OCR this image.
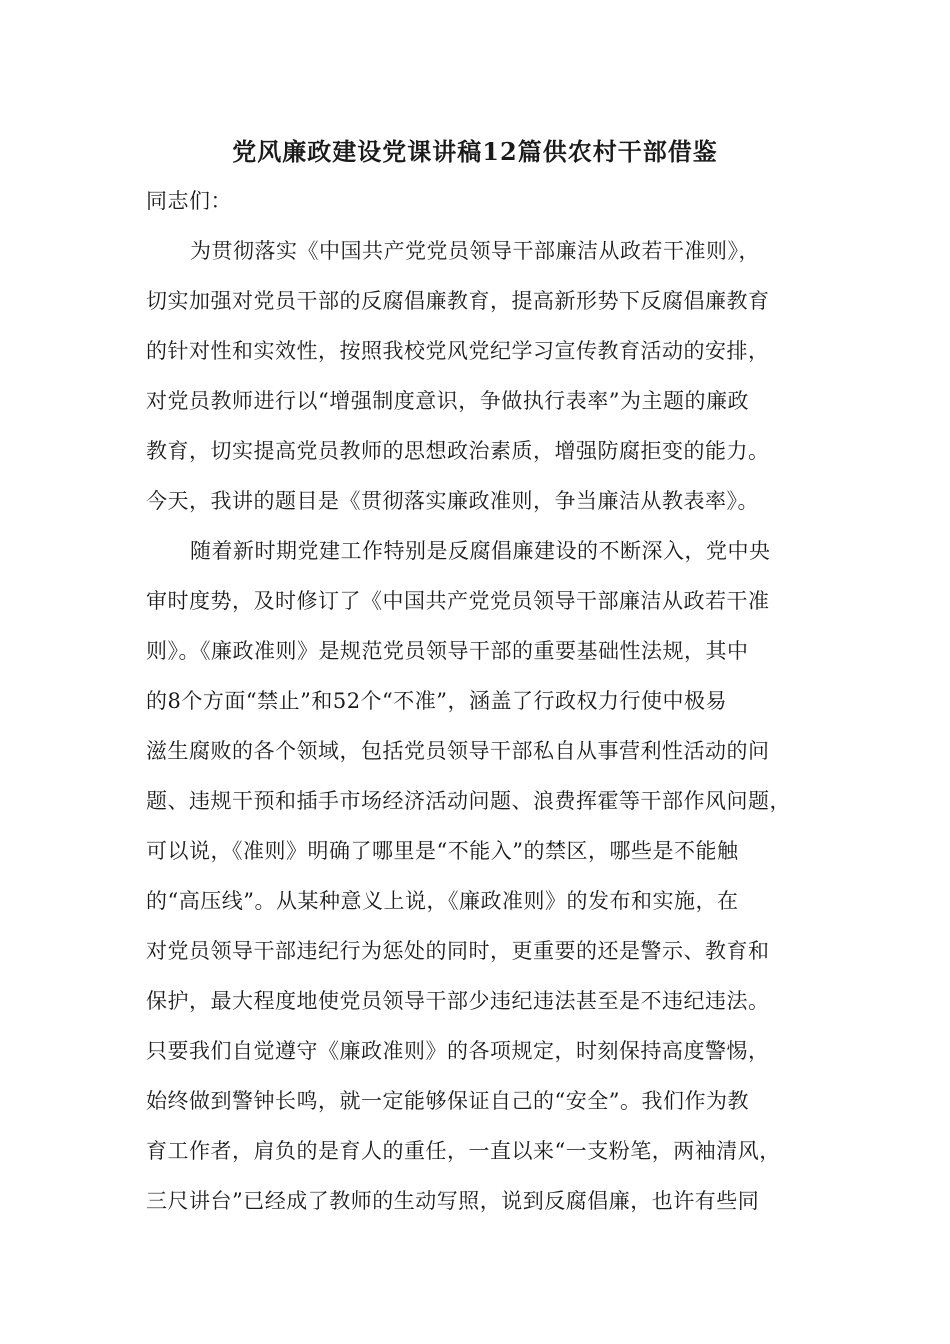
党风廉政建设党课讲稿12篇供农村干部借鉴
同志们：
为贯彻落实《中国共产党党员领导干部廉洁从政若干准则》，
切实加强对党员干部的反腐倡廉教育，提高新形势下反腐倡廉教育
的针对性和实效性，按照我校党风党纪学习宣传教育活动的安排，
对党员教师进行以“增强制度意识，争做执行表率”为主题的廉政
教育，切实提高党员教师的思想政治素质，增强防腐拒变的能力。
今天，我讲的题目是《贯彻落实廉政准则，争当廉洁从教表率》。
随着新时期党建工作特别是反腐倡廉建设的不断深入，党中央
审时度势，及时修订了《中国共产党党员领导干部廉洁从政若干准
则》。《廉政准则》是规范党员领导干部的重要基础性法规，其中
的8个方面“禁止”和52个“不准”，涵盖了行政权力行使中极易
滋生腐败的各个领域，包括党员领导干部私自从事营利性活动的问
题、违规干预和插手市场经济活动问题、浪费挥霍等干部作风问题，
可以说，《准则》明确了哪里是“不能入”的禁区，哪些是不能触
的“高压线”。从某种意义上说，《廉政准则》的发布和实施，在
对党员领导干部违纪行为惩处的同时，更重要的还是警示、教育和
保护，最大程度地使党员领导干部少违纪违法甚至是不违纪违法。
只要我们自觉遵守《廉政准则》的各项规定，时刻保持高度警惕，
始终做到警钟长鸣，就一定能够保证自己的“安全”。我们作为教
育工作者，肩负的是育人的重任，一直以来“一支粉笔，两袖清风，
三尺讲台”已经成了教师的生动写照，说到反腐倡廉，也许有些同
